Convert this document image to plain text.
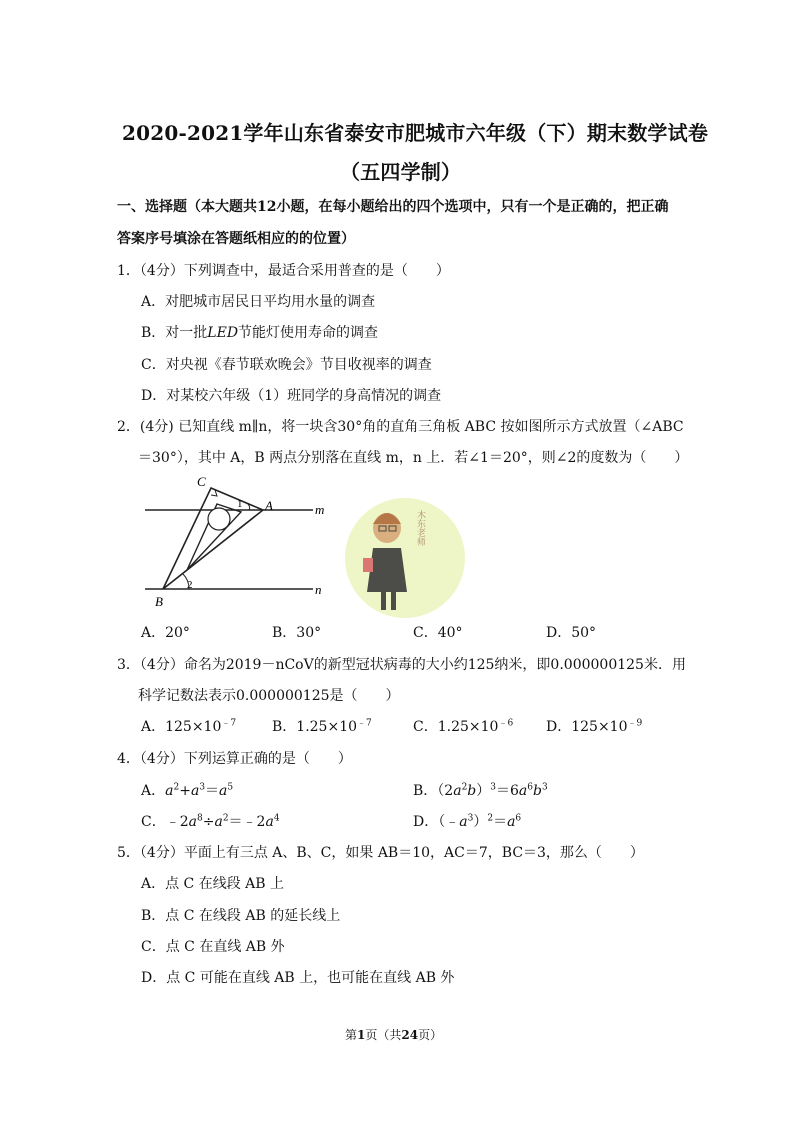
2020-2021学年山东省泰安市肥城市六年级（下）期末数学试卷
（五四学制）
一、选择题（本大题共12小题，在每小题给出的四个选项中，只有一个是正确的，把正确
答案序号填涂在答题纸相应的的位置）
1．（4分）下列调查中，最适合采用普查的是（　　）
A．对肥城市居民日平均用水量的调查
B．对一批LED节能灯使用寿命的调查
C．对央视《春节联欢晚会》节目收视率的调查
D．对某校六年级（1）班同学的身高情况的调查
2．(4分) 已知直线 m∥n，将一块含30°角的直角三角板 ABC 按如图所示方式放置（∠ABC
＝30°），其中 A，B 两点分别落在直线 m，n 上．若∠1＝20°，则∠2的度数为（　　）
木东老师
C
A
B
m
n
1
2
A．20°	B．30°	C．40°	D．50°
3．（4分）命名为2019－nCoV的新型冠状病毒的大小约125纳米，即0.000000125米．用
科学记数法表示0.000000125是（　　）
A．$125\times 10^{﹣7}$	B．$1.25\times 10^{﹣7}$	C．$1.25\times 10^{﹣6}$ D．$125\times 10^{﹣9}$
4．（4分）下列运算正确的是（　　）
A．$a^2+a^3=a^5$	B．$(2a^2b)^3=6a^6b^3$
C．$﹣2a^8\div a^2=﹣2a^4$	D．$(﹣a^3)^2=a^6$
5．（4分）平面上有三点 A、B、C，如果 AB＝10，AC＝7，BC＝3，那么（　　）
A．点 C 在线段 AB 上
B．点 C 在线段 AB 的延长线上
C．点 C 在直线 AB 外
D．点 C 可能在直线 AB 上，也可能在直线 AB 外
第1页（共24页）
